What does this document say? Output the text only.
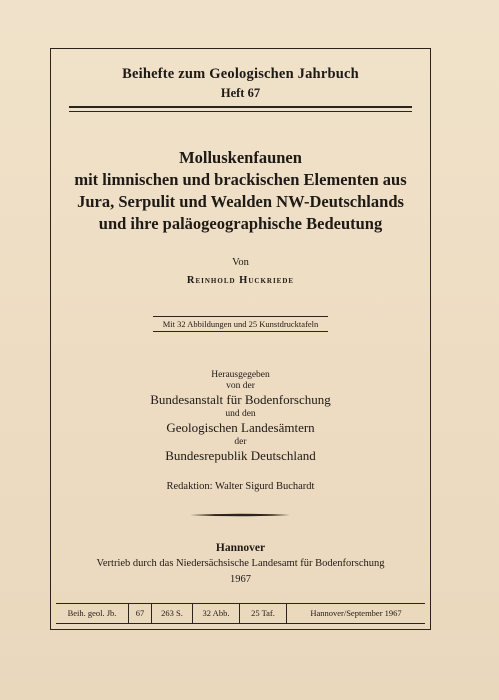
Beihefte zum Geologischen Jahrbuch
Heft 67
Molluskenfaunen
mit limnischen und brackischen Elementen aus
Jura, Serpulit und Wealden NW-Deutschlands
und ihre paläogeographische Bedeutung
Von
Reinhold Huckriede
Mit 32 Abbildungen und 25 Kunstdrucktafeln
Herausgegeben
von der
Bundesanstalt für Bodenforschung
und den
Geologischen Landesämtern
der
Bundesrepublik Deutschland
Redaktion: Walter Sigurd Buchardt
Hannover
Vertrieb durch das Niedersächsische Landesamt für Bodenforschung
1967
Beih. geol. Jb.	67	263 S.	32 Abb.	25 Taf.	Hannover/September 1967
